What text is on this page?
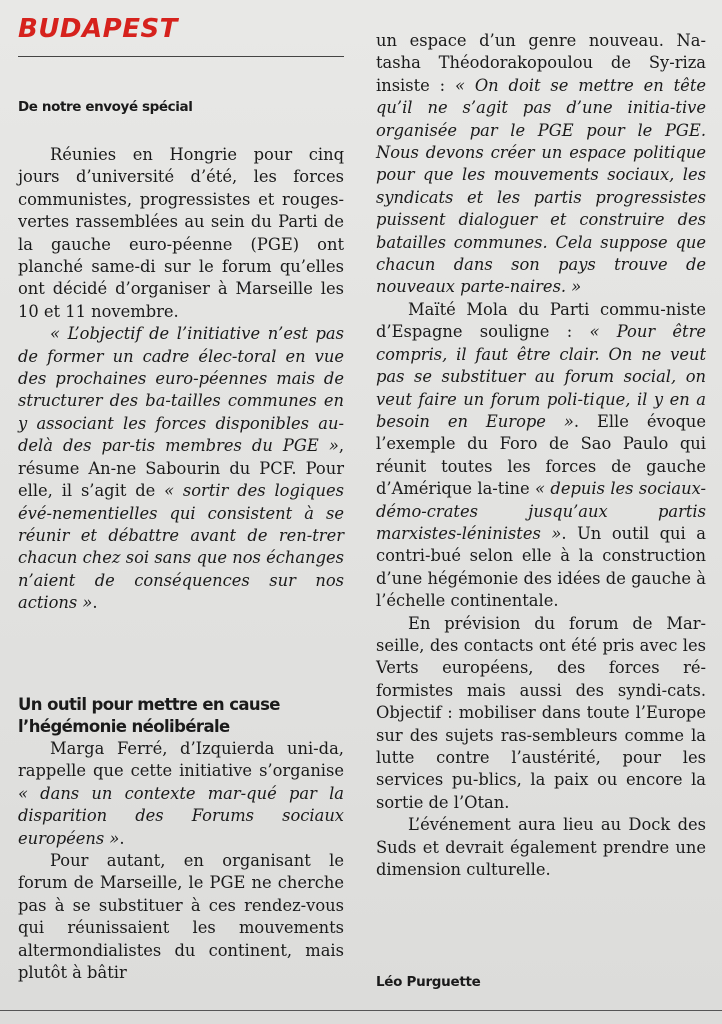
BUDAPEST
De notre envoyé spécial

Réunies en Hongrie pour cinq jours d’université d’été, les forces communistes, progressistes et rouges-vertes rassemblées au sein du Parti de la gauche euro-péenne (PGE) ont planché same-di sur le forum qu’elles ont décidé d’organiser à Marseille les 10 et 11 novembre.

« L’objectif de l’initiative n’est pas de former un cadre élec-toral en vue des prochaines euro-péennes mais de structurer des ba-tailles communes en y associant les forces disponibles au-delà des par-tis membres du PGE », résume An-ne Sabourin du PCF. Pour elle, il s’agit de « sortir des logiques évé-nementielles qui consistent à se réunir et débattre avant de ren-trer chacun chez soi sans que nos échanges n’aient de conséquences sur nos actions ».

Un outil pour mettre en cause l’hégémonie néolibérale

Marga Ferré, d’Izquierda uni-da, rappelle que cette initiative s’organise « dans un contexte mar-qué par la disparition des Forums sociaux européens ».

Pour autant, en organisant le forum de Marseille, le PGE ne cherche pas à se substituer à ces rendez-vous qui réunissaient les mouvements altermondialistes du continent, mais plutôt à bâtir

un espace d’un genre nouveau. Na-tasha Théodorakopoulou de Sy-riza insiste : « On doit se mettre en tête qu’il ne s’agit pas d’une initia-tive organisée par le PGE pour le PGE. Nous devons créer un espace politique pour que les mouvements sociaux, les syndicats et les partis progressistes puissent dialoguer et construire des batailles communes. Cela suppose que chacun dans son pays trouve de nouveaux parte-naires. »

Maïté Mola du Parti commu-niste d’Espagne souligne : « Pour être compris, il faut être clair. On ne veut pas se substituer au forum social, on veut faire un forum poli-tique, il y en a besoin en Europe ». Elle évoque l’exemple du Foro de Sao Paulo qui réunit toutes les forces de gauche d’Amérique la-tine « depuis les sociaux-démo-crates jusqu’aux partis marxistes-léninistes ». Un outil qui a contri-bué selon elle à la construction d’une hégémonie des idées de gauche à l’échelle continentale.

En prévision du forum de Mar-seille, des contacts ont été pris avec les Verts européens, des forces ré-formistes mais aussi des syndi-cats. Objectif : mobiliser dans toute l’Europe sur des sujets ras-sembleurs comme la lutte contre l’austérité, pour les services pu-blics, la paix ou encore la sortie de l’Otan.

L’événement aura lieu au Dock des Suds et devrait également prendre une dimension culturelle.

Léo Purguette
